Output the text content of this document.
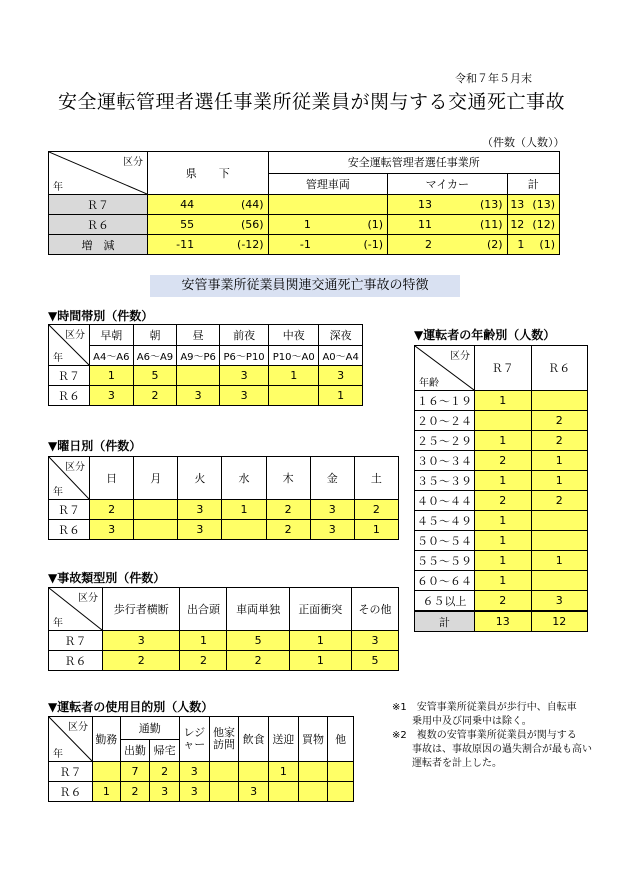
令和７年５月末
安全運転管理者選任事業所従業員が関与する交通死亡事故
（件数（人数））
区分
年	県　　下		安全運転管理者選任事業所					
			管理車両		マイカー		計	
Ｒ７	44	(44)			13	(13)	13	(13)
Ｒ６	55	(56)	1	(1)	11	(11)	12	(12)
増　減	-11	(-12)	-1	(-1)	2	(2)	1	(1)
安管事業所従業員関連交通死亡事故の特徴
▼時間帯別（件数）
区分
年	早朝	朝	昼	前夜	中夜	深夜
	A4～A6	A6～A9	A9～P6	P6～P10	P10～A0	A0～A4
Ｒ７	1	5		3	1	3
Ｒ６	3	2	3	3		1
▼曜日別（件数）
区分
年	日	月	火	水	木	金	土
Ｒ７	2		3	1	2	3	2
Ｒ６	3		3		2	3	1
▼事故類型別（件数）
区分
年	歩行者横断	出合頭	車両単独	正面衝突	その他
Ｒ７	3	1	5	1	3
Ｒ６	2	2	2	1	5
▼運転者の使用目的別（人数）
区分
年	勤務	通勤		レジャー	他家訪問	飲食	送迎	買物	他
		出勤	帰宅						
Ｒ７		7	2	3			1		
Ｒ６	1	2	3	3		3			
▼運転者の年齢別（人数）
区分
年齢	Ｒ７	Ｒ６
１６～１９	1	
２０～２４		2
２５～２９	1	2
３０～３４	2	1
３５～３９	1	1
４０～４４	2	2
４５～４９	1	
５０～５４	1	
５５～５９	1	1
６０～６４	1	
６５以上	2	3
計	13	12
※1　安管事業所従業員が歩行中、自転車
　　乗用中及び同乗中は除く。
※2　複数の安管事業所従業員が関与する
　　事故は、事故原因の過失割合が最も高い
　　運転者を計上した。
